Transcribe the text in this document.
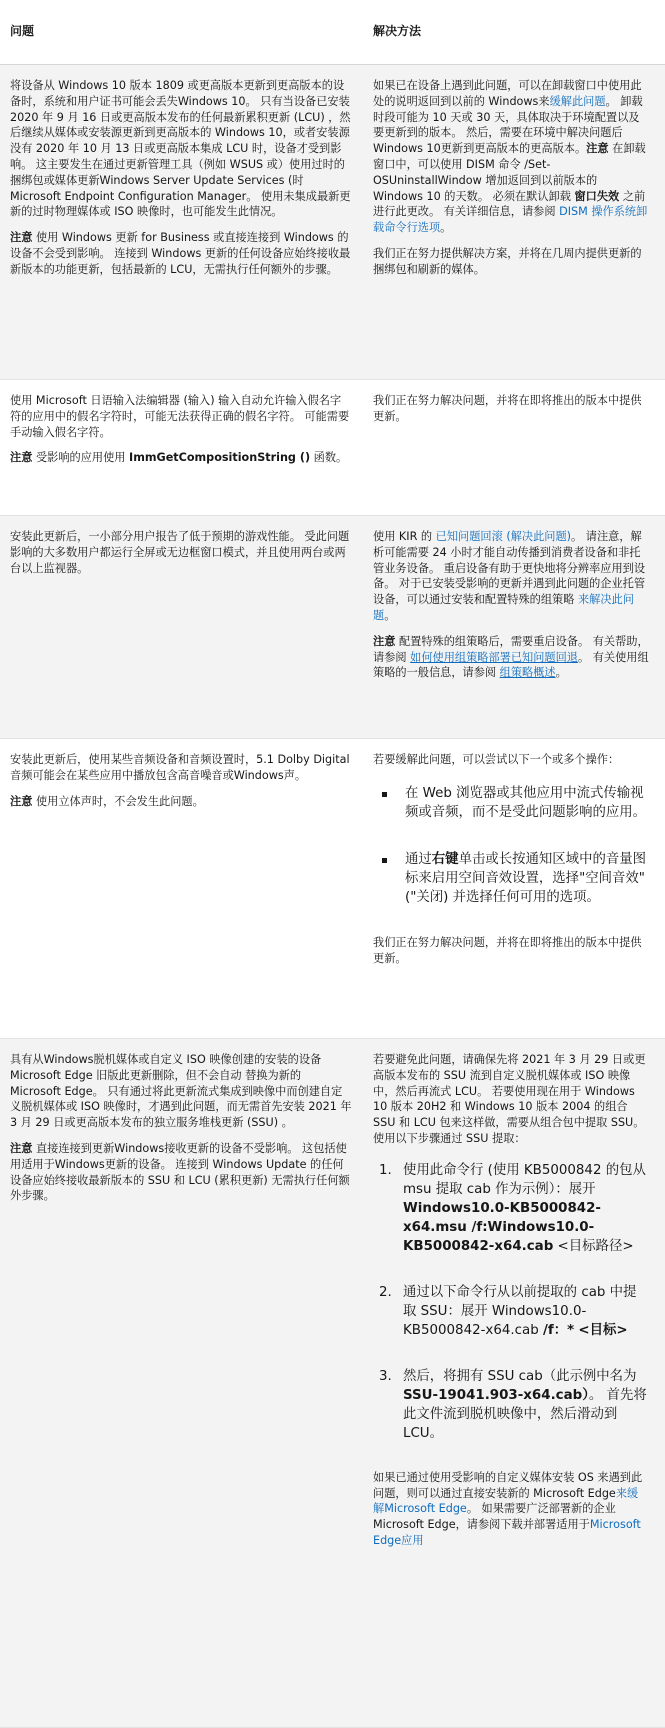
问题	解决方法

将设备从 Windows 10 版本 1809 或更高版本更新到更高版本的设备时，系统和用户证书可能会丢失Windows 10。 只有当设备已安装 2020 年 9 月 16 日或更高版本发布的任何最新累积更新 (LCU) ，然后继续从媒体或安装源更新到更高版本的 Windows 10，或者安装源没有 2020 年 10 月 13 日或更高版本集成 LCU 时，设备才受到影响。 这主要发生在通过更新管理工具（例如 WSUS 或）使用过时的捆绑包或媒体更新Windows Server Update Services (时Microsoft Endpoint Configuration Manager。 使用未集成最新更新的过时物理媒体或 ISO 映像时，也可能发生此情况。

注意 使用 Windows 更新 for Business 或直接连接到 Windows 的设备不会受到影响。 连接到 Windows 更新的任何设备应始终接收最新版本的功能更新，包括最新的 LCU，无需执行任何额外的步骤。

如果已在设备上遇到此问题，可以在卸载窗口中使用此处的说明返回到以前的 Windows来缓解此问题。 卸载时段可能为 10 天或 30 天，具体取决于环境配置以及要更新到的版本。 然后，需要在环境中解决问题后Windows 10更新到更高版本的更高版本。注意 在卸载窗口中，可以使用 DISM 命令 /Set-OSUninstallWindow 增加返回到以前版本的 Windows 10 的天数。 必须在默认卸载 窗口失效 之前进行此更改。 有关详细信息，请参阅 DISM 操作系统卸载命令行选项。

我们正在努力提供解决方案，并将在几周内提供更新的捆绑包和刷新的媒体。

使用 Microsoft 日语输入法编辑器 (输入) 输入自动允许输入假名字符的应用中的假名字符时，可能无法获得正确的假名字符。 可能需要手动输入假名字符。

注意 受影响的应用使用 ImmGetCompositionString () 函数。

我们正在努力解决问题，并将在即将推出的版本中提供更新。

安装此更新后，一小部分用户报告了低于预期的游戏性能。 受此问题影响的大多数用户都运行全屏或无边框窗口模式，并且使用两台或两台以上监视器。

使用 KIR 的 已知问题回滚 (解决此问题)。 请注意，解析可能需要 24 小时才能自动传播到消费者设备和非托管业务设备。 重启设备有助于更快地将分辨率应用到设备。 对于已安装受影响的更新并遇到此问题的企业托管设备，可以通过安装和配置特殊的组策略 来解决此问题。

注意 配置特殊的组策略后，需要重启设备。 有关帮助，请参阅 如何使用组策略部署已知问题回退。 有关使用组策略的一般信息，请参阅 组策略概述。

安装此更新后，使用某些音频设备和音频设置时，5.1 Dolby Digital 音频可能会在某些应用中播放包含高音噪音或Windows声。

注意 使用立体声时，不会发生此问题。

若要缓解此问题，可以尝试以下一个或多个操作：

在 Web 浏览器或其他应用中流式传输视频或音频，而不是受此问题影响的应用。
通过右键单击或长按通知区域中的音量图标来启用空间音效设置，选择"空间音效" ("关闭) 并选择任何可用的选项。

我们正在努力解决问题，并将在即将推出的版本中提供更新。

具有从Windows脱机媒体或自定义 ISO 映像创建的安装的设备Microsoft Edge 旧版此更新删除，但不会自动 替换为新的Microsoft Edge。 只有通过将此更新流式集成到映像中而创建自定义脱机媒体或 ISO 映像时，才遇到此问题，而无需首先安装 2021 年 3 月 29 日或更高版本发布的独立服务堆栈更新 (SSU) 。

注意 直接连接到更新Windows接收更新的设备不受影响。 这包括使用适用于Windows更新的设备。 连接到 Windows Update 的任何设备应始终接收最新版本的 SSU 和 LCU (累积更新) 无需执行任何额外步骤。

若要避免此问题，请确保先将 2021 年 3 月 29 日或更高版本发布的 SSU 流到自定义脱机媒体或 ISO 映像中，然后再流式 LCU。 若要使用现在用于 Windows 10 版本 20H2 和 Windows 10 版本 2004 的组合 SSU 和 LCU 包来这样做，需要从组合包中提取 SSU。 使用以下步骤通过 SSU 提取：

1. 使用此命令行 (使用 KB5000842 的包从 msu 提取 cab 作为示例）：展开 Windows10.0-KB5000842-x64.msu /f:Windows10.0-KB5000842-x64.cab <目标路径>
2. 通过以下命令行从以前提取的 cab 中提取 SSU：展开 Windows10.0-KB5000842-x64.cab /f：* <目标>
3. 然后，将拥有 SSU cab（此示例中名为 SSU-19041.903-x64.cab）。 首先将此文件流到脱机映像中，然后滑动到 LCU。

如果已通过使用受影响的自定义媒体安装 OS 来遇到此问题，则可以通过直接安装新的 Microsoft Edge来缓解Microsoft Edge。 如果需要广泛部署新的企业Microsoft Edge，请参阅下载并部署适用于Microsoft Edge应用
